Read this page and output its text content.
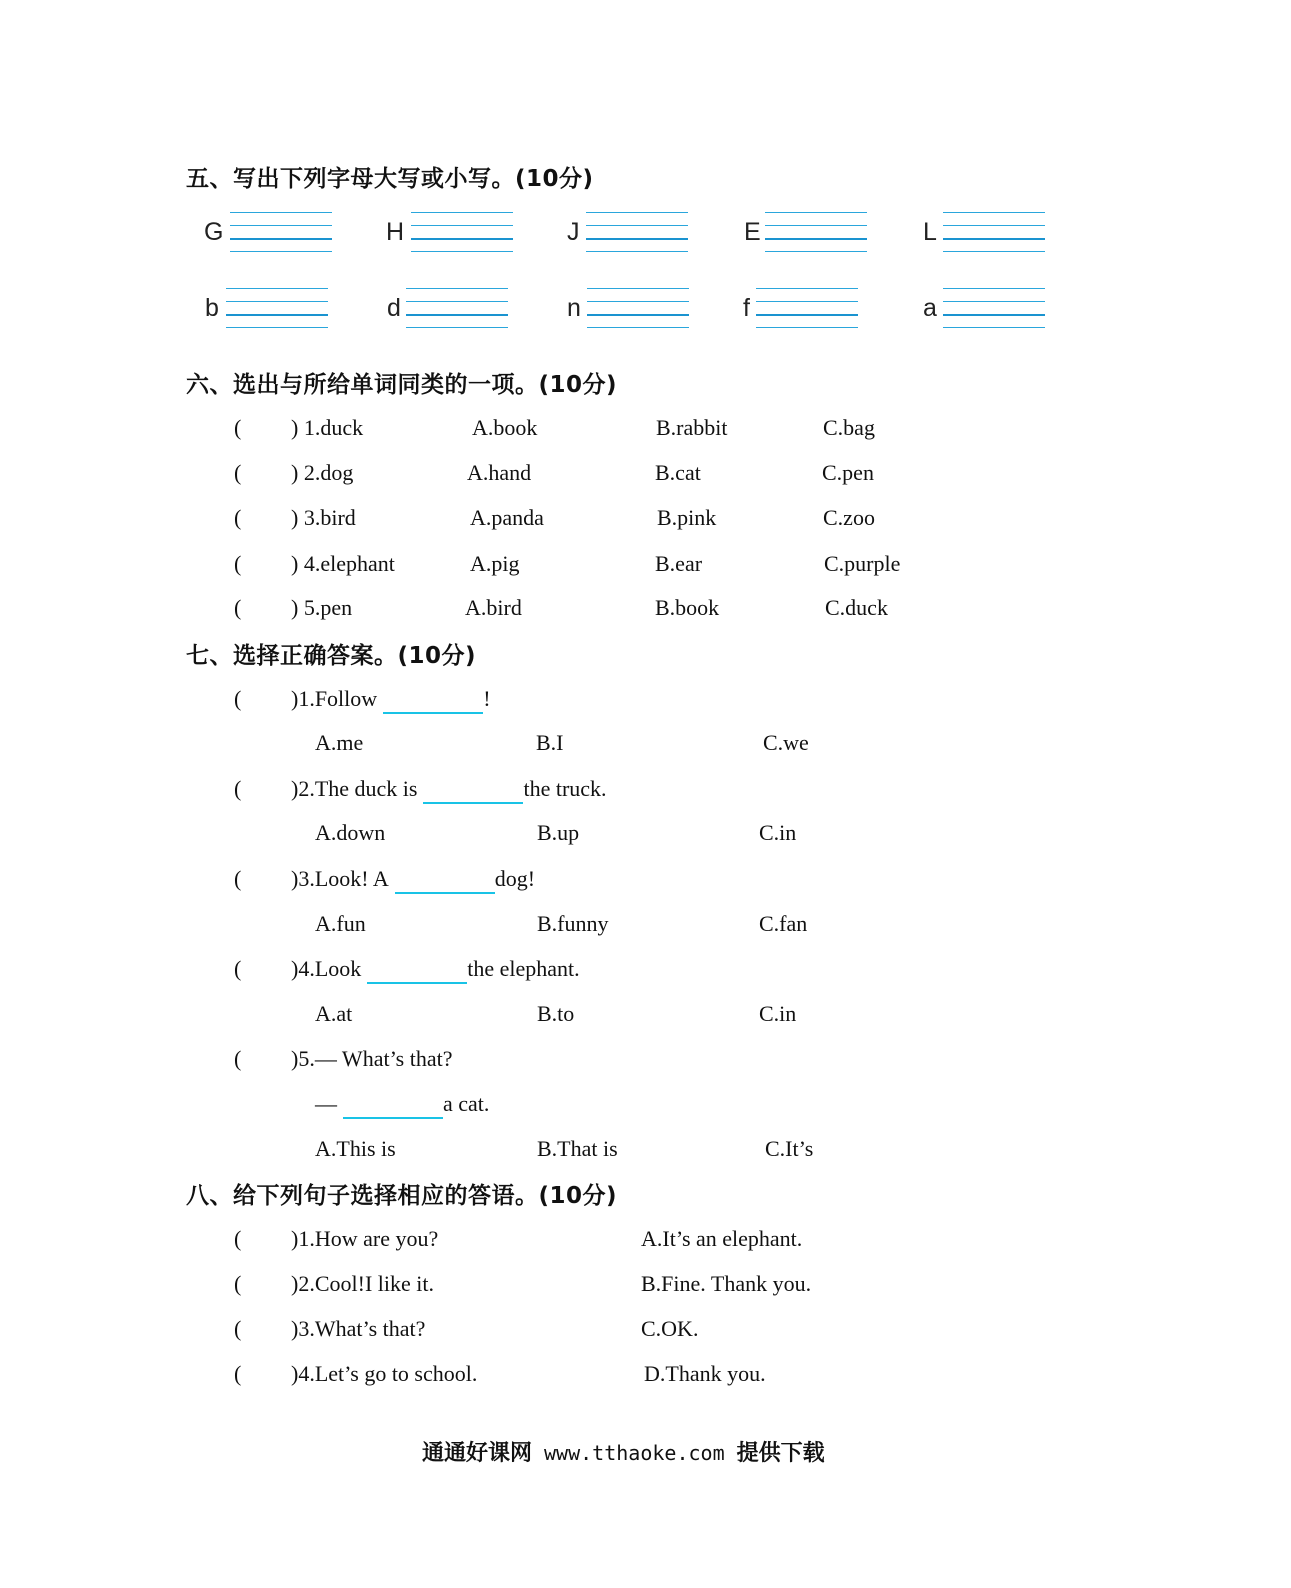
五、写出下列字母大写或小写。(10分)
G	H	J	E	L
b	d	n	f	a
六、选出与所给单词同类的一项。(10分)
( ) 1.duck	A.book	B.rabbit	C.bag
( ) 2.dog	A.hand	B.cat	C.pen
( ) 3.bird	A.panda	B.pink	C.zoo
( ) 4.elephant	A.pig	B.ear	C.purple
( ) 5.pen	A.bird	B.book	C.duck
七、选择正确答案。(10分)
( )1.Follow	!
A.me	B.I	C.we
( )2.The duck is	the truck.
A.down	B.up	C.in
( )3.Look! A	dog!
A.fun	B.funny	C.fan
( )4.Look	the elephant.
A.at	B.to	C.in
( )5.— What’s that?
—	a cat.
A.This is	B.That is	C.It’s
八、给下列句子选择相应的答语。(10分)
( )1.How are you?	A.It’s an elephant.
( )2.Cool!I like it.	B.Fine. Thank you.
( )3.What’s that?	C.OK.
( )4.Let’s go to school.	D.Thank you.
通通好课网 www.tthaoke.com 提供下载
